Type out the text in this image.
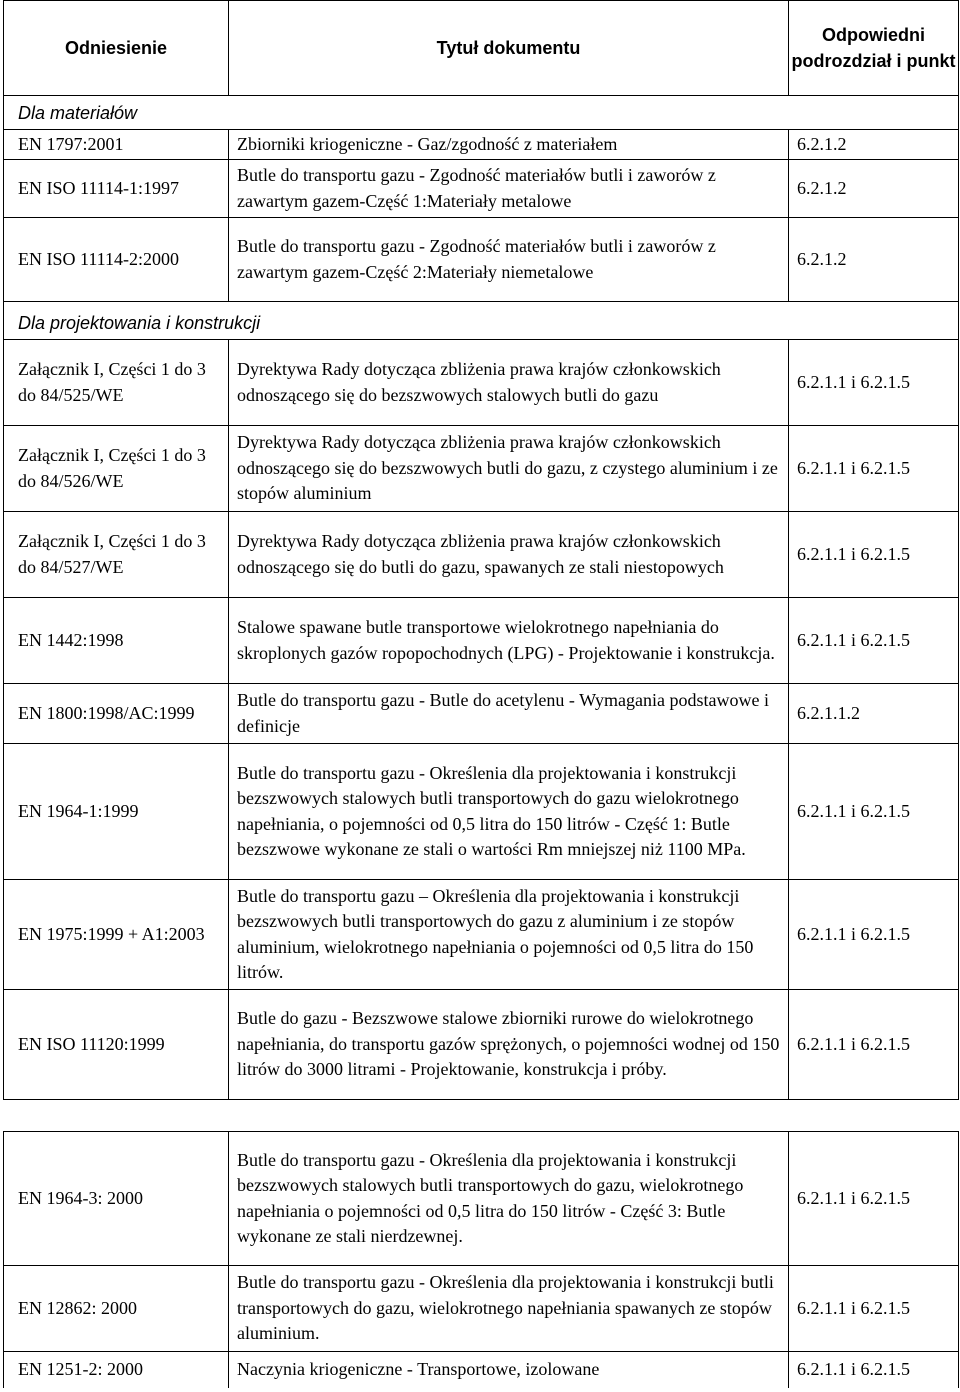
Odniesienie	Tytuł dokumentu	Odpowiedni podrozdział i punkt
Dla materiałów		
EN 1797:2001	Zbiorniki kriogeniczne - Gaz/zgodność z materiałem	6.2.1.2
EN ISO 11114-1:1997	Butle do transportu gazu - Zgodność materiałów butli i zaworów z zawartym gazem-Część 1:Materiały metalowe	6.2.1.2
EN ISO 11114-2:2000	Butle do transportu gazu - Zgodność materiałów butli i zaworów z zawartym gazem-Część 2:Materiały niemetalowe	6.2.1.2
Dla projektowania i konstrukcji		
Załącznik I, Części 1 do 3 do 84/525/WE	Dyrektywa Rady dotycząca zbliżenia prawa krajów członkowskich odnoszącego się do bezszwowych stalowych butli do gazu	6.2.1.1 i 6.2.1.5
Załącznik I, Części 1 do 3 do 84/526/WE	Dyrektywa Rady dotycząca zbliżenia prawa krajów członkowskich odnoszącego się do bezszwowych butli do gazu, z czystego aluminium i ze stopów aluminium	6.2.1.1 i 6.2.1.5
Załącznik I, Części 1 do 3 do 84/527/WE	Dyrektywa Rady dotycząca zbliżenia prawa krajów członkowskich odnoszącego się do butli do gazu, spawanych ze stali niestopowych	6.2.1.1 i 6.2.1.5
EN 1442:1998	Stalowe spawane butle transportowe wielokrotnego napełniania do skroplonych gazów ropopochodnych (LPG) - Projektowanie i konstrukcja.	6.2.1.1 i 6.2.1.5
EN 1800:1998/AC:1999	Butle do transportu gazu - Butle do acetylenu - Wymagania podstawowe i definicje	6.2.1.1.2
EN 1964-1:1999	Butle do transportu gazu - Określenia dla projektowania i konstrukcji bezszwowych stalowych butli transportowych do gazu wielokrotnego napełniania, o pojemności od 0,5 litra do 150 litrów - Część 1: Butle bezszwowe wykonane ze stali o wartości Rm mniejszej niż 1100 MPa.	6.2.1.1 i 6.2.1.5
EN 1975:1999 + A1:2003	Butle do transportu gazu – Określenia dla projektowania i konstrukcji bezszwowych butli transportowych do gazu z aluminium i ze stopów aluminium, wielokrotnego napełniania o pojemności od 0,5 litra do 150 litrów.	6.2.1.1 i 6.2.1.5
EN ISO 11120:1999	Butle do gazu - Bezszwowe stalowe zbiorniki rurowe do wielokrotnego napełniania, do transportu gazów sprężonych, o pojemności wodnej od 150 litrów do 3000 litrami - Projektowanie, konstrukcja i próby.	6.2.1.1 i 6.2.1.5
EN 1964-3: 2000	Butle do transportu gazu - Określenia dla projektowania i konstrukcji bezszwowych stalowych butli transportowych do gazu, wielokrotnego napełniania o pojemności od 0,5 litra do 150 litrów - Część 3: Butle wykonane ze stali nierdzewnej.	6.2.1.1 i 6.2.1.5
EN 12862: 2000	Butle do transportu gazu - Określenia dla projektowania i konstrukcji butli transportowych do gazu, wielokrotnego napełniania spawanych ze stopów aluminium.	6.2.1.1 i 6.2.1.5
EN 1251-2: 2000	Naczynia kriogeniczne - Transportowe, izolowane	6.2.1.1 i 6.2.1.5
